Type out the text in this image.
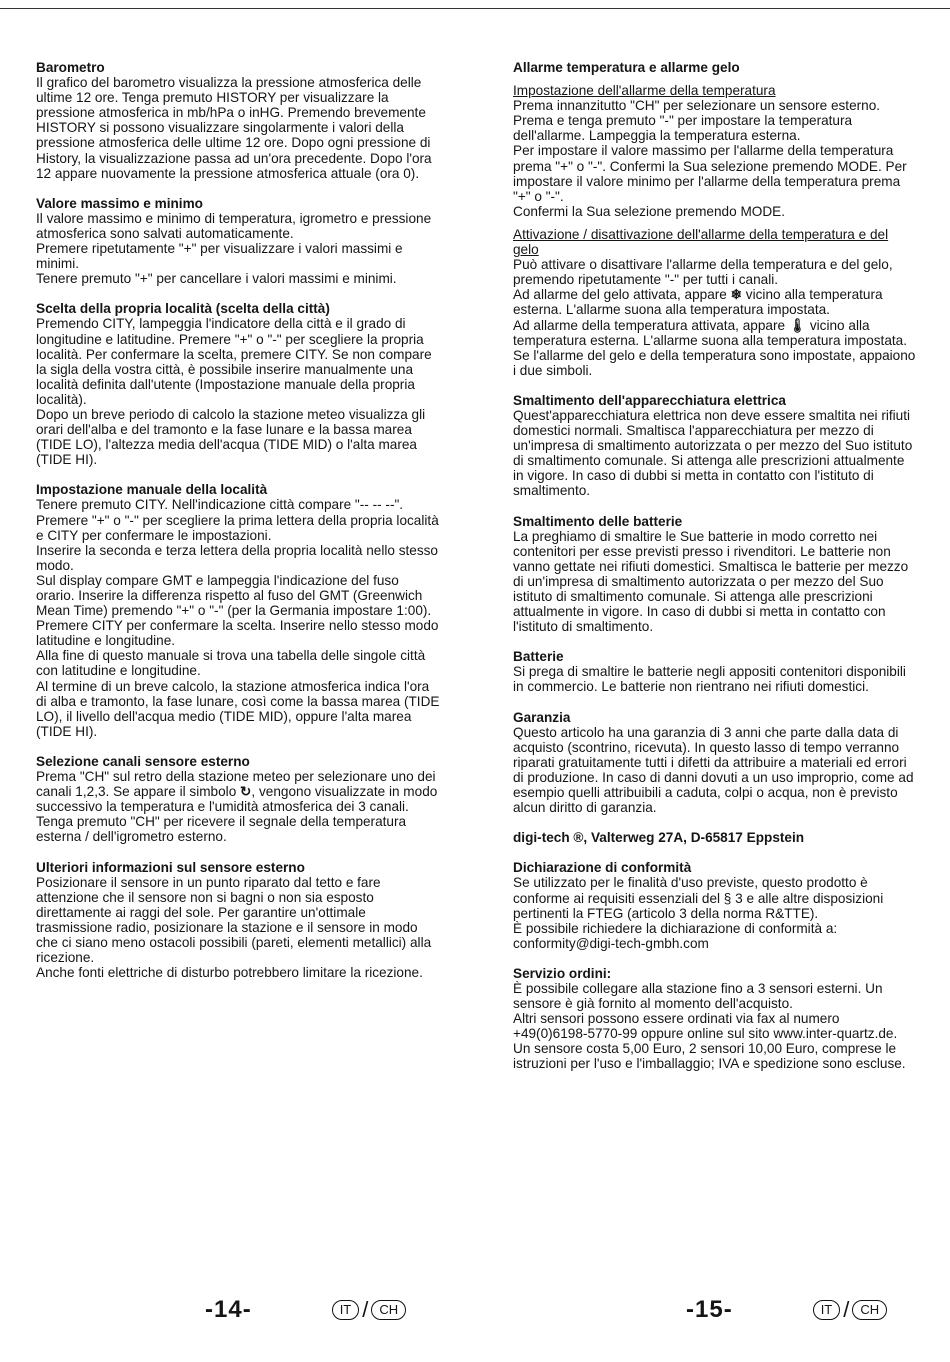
Barometro

Il grafico del barometro visualizza la pressione atmosferica delle ultime 12 ore. Tenga premuto HISTORY per visualizzare la pressione atmosferica in mb/hPa o inHG. Premendo brevemente HISTORY si possono visualizzare singolarmente i valori della pressione atmosferica delle ultime 12 ore. Dopo ogni pressione di History, la visualizzazione passa ad un'ora precedente. Dopo l'ora 12 appare nuovamente la pressione atmosferica attuale (ora 0).

Valore massimo e minimo

Il valore massimo e minimo di temperatura, igrometro e pressione atmosferica sono salvati automaticamente.
Premere ripetutamente "+" per visualizzare i valori massimi e minimi.
Tenere premuto "+" per cancellare i valori massimi e minimi.

Scelta della propria località (scelta della città)

Premendo CITY, lampeggia l'indicatore della città e il grado di longitudine e latitudine. Premere "+" o "-" per scegliere la propria località. Per confermare la scelta, premere CITY. Se non compare la sigla della vostra città, è possibile inserire manualmente una località definita dall'utente (Impostazione manuale della propria località).
Dopo un breve periodo di calcolo la stazione meteo visualizza gli orari dell'alba e del tramonto e la fase lunare e la bassa marea (TIDE LO), l'altezza media dell'acqua (TIDE MID) o l'alta marea (TIDE HI).

Impostazione manuale della località

Tenere premuto CITY. Nell'indicazione città compare "-- -- --".
Premere "+" o "-" per scegliere la prima lettera della propria località e CITY per confermare le impostazioni.
Inserire la seconda e terza lettera della propria località nello stesso modo.
Sul display compare GMT e lampeggia l'indicazione del fuso orario. Inserire la differenza rispetto al fuso del GMT (Greenwich Mean Time) premendo "+" o "-" (per la Germania impostare 1:00).
Premere CITY per confermare la scelta. Inserire nello stesso modo latitudine e longitudine.
Alla fine di questo manuale si trova una tabella delle singole città con latitudine e longitudine.
Al termine di un breve calcolo, la stazione atmosferica indica l'ora di alba e tramonto, la fase lunare, così come la bassa marea (TIDE LO), il livello dell'acqua medio (TIDE MID), oppure l'alta marea (TIDE HI).

Selezione canali sensore esterno

Prema "CH" sul retro della stazione meteo per selezionare uno dei canali 1,2,3. Se appare il simbolo ↻, vengono visualizzate in modo successivo la temperatura e l'umidità atmosferica dei 3 canali.
Tenga premuto "CH" per ricevere il segnale della temperatura esterna / dell'igrometro esterno.

Ulteriori informazioni sul sensore esterno

Posizionare il sensore in un punto riparato dal tetto e fare attenzione che il sensore non si bagni o non sia esposto direttamente ai raggi del sole. Per garantire un'ottimale trasmissione radio, posizionare la stazione e il sensore in modo che ci siano meno ostacoli possibili (pareti, elementi metallici) alla ricezione.
Anche fonti elettriche di disturbo potrebbero limitare la ricezione.

Allarme temperatura e allarme gelo

Impostazione dell'allarme della temperatura

Prema innanzitutto "CH" per selezionare un sensore esterno.
Prema e tenga premuto "-" per impostare la temperatura dell'allarme. Lampeggia la temperatura esterna.
Per impostare il valore massimo per l'allarme della temperatura prema "+" o "-". Confermi la Sua selezione premendo MODE. Per impostare il valore minimo per l'allarme della temperatura prema "+" o "-".
Confermi la Sua selezione premendo MODE.

Attivazione / disattivazione dell'allarme della temperatura e del gelo

Può attivare o disattivare l'allarme della temperatura e del gelo, premendo ripetutamente "-" per tutti i canali.
Ad allarme del gelo attivata, appare ❄ vicino alla temperatura esterna. L'allarme suona alla temperatura impostata.
Ad allarme della temperatura attivata, appare 🌡 vicino alla temperatura esterna. L'allarme suona alla temperatura impostata.
Se l'allarme del gelo e della temperatura sono impostate, appaiono i due simboli.

Smaltimento dell'apparecchiatura elettrica

Quest'apparecchiatura elettrica non deve essere smaltita nei rifiuti domestici normali. Smaltisca l'apparecchiatura per mezzo di un'impresa di smaltimento autorizzata o per mezzo del Suo istituto di smaltimento comunale. Si attenga alle prescrizioni attualmente in vigore. In caso di dubbi si metta in contatto con l'istituto di smaltimento.

Smaltimento delle batterie

La preghiamo di smaltire le Sue batterie in modo corretto nei contenitori per esse previsti presso i rivenditori. Le batterie non vanno gettate nei rifiuti domestici. Smaltisca le batterie per mezzo di un'impresa di smaltimento autorizzata o per mezzo del Suo istituto di smaltimento comunale. Si attenga alle prescrizioni attualmente in vigore. In caso di dubbi si metta in contatto con l'istituto di smaltimento.

Batterie

Si prega di smaltire le batterie negli appositi contenitori disponibili in commercio. Le batterie non rientrano nei rifiuti domestici.

Garanzia

Questo articolo ha una garanzia di 3 anni che parte dalla data di acquisto (scontrino, ricevuta). In questo lasso di tempo verranno riparati gratuitamente tutti i difetti da attribuire a materiali ed errori di produzione. In caso di danni dovuti a un uso improprio, come ad esempio quelli attribuibili a caduta, colpi o acqua, non è previsto alcun diritto di garanzia.

digi-tech ®, Valterweg 27A, D-65817 Eppstein

Dichiarazione di conformità

Se utilizzato per le finalità d'uso previste, questo prodotto è conforme ai requisiti essenziali del § 3 e alle altre disposizioni pertinenti la FTEG (articolo 3 della norma R&TTE).
È possibile richiedere la dichiarazione di conformità a:
conformity@digi-tech-gmbh.com

Servizio ordini:

È possibile collegare alla stazione fino a 3 sensori esterni. Un sensore è già fornito al momento dell'acquisto.
Altri sensori possono essere ordinati via fax al numero +49(0)6198-5770-99 oppure online sul sito www.inter-quartz.de. Un sensore costa 5,00 Euro, 2 sensori 10,00 Euro, comprese le istruzioni per l'uso e l'imballaggio; IVA e spedizione sono escluse.

-14-	IT / CH	-15-	IT / CH
